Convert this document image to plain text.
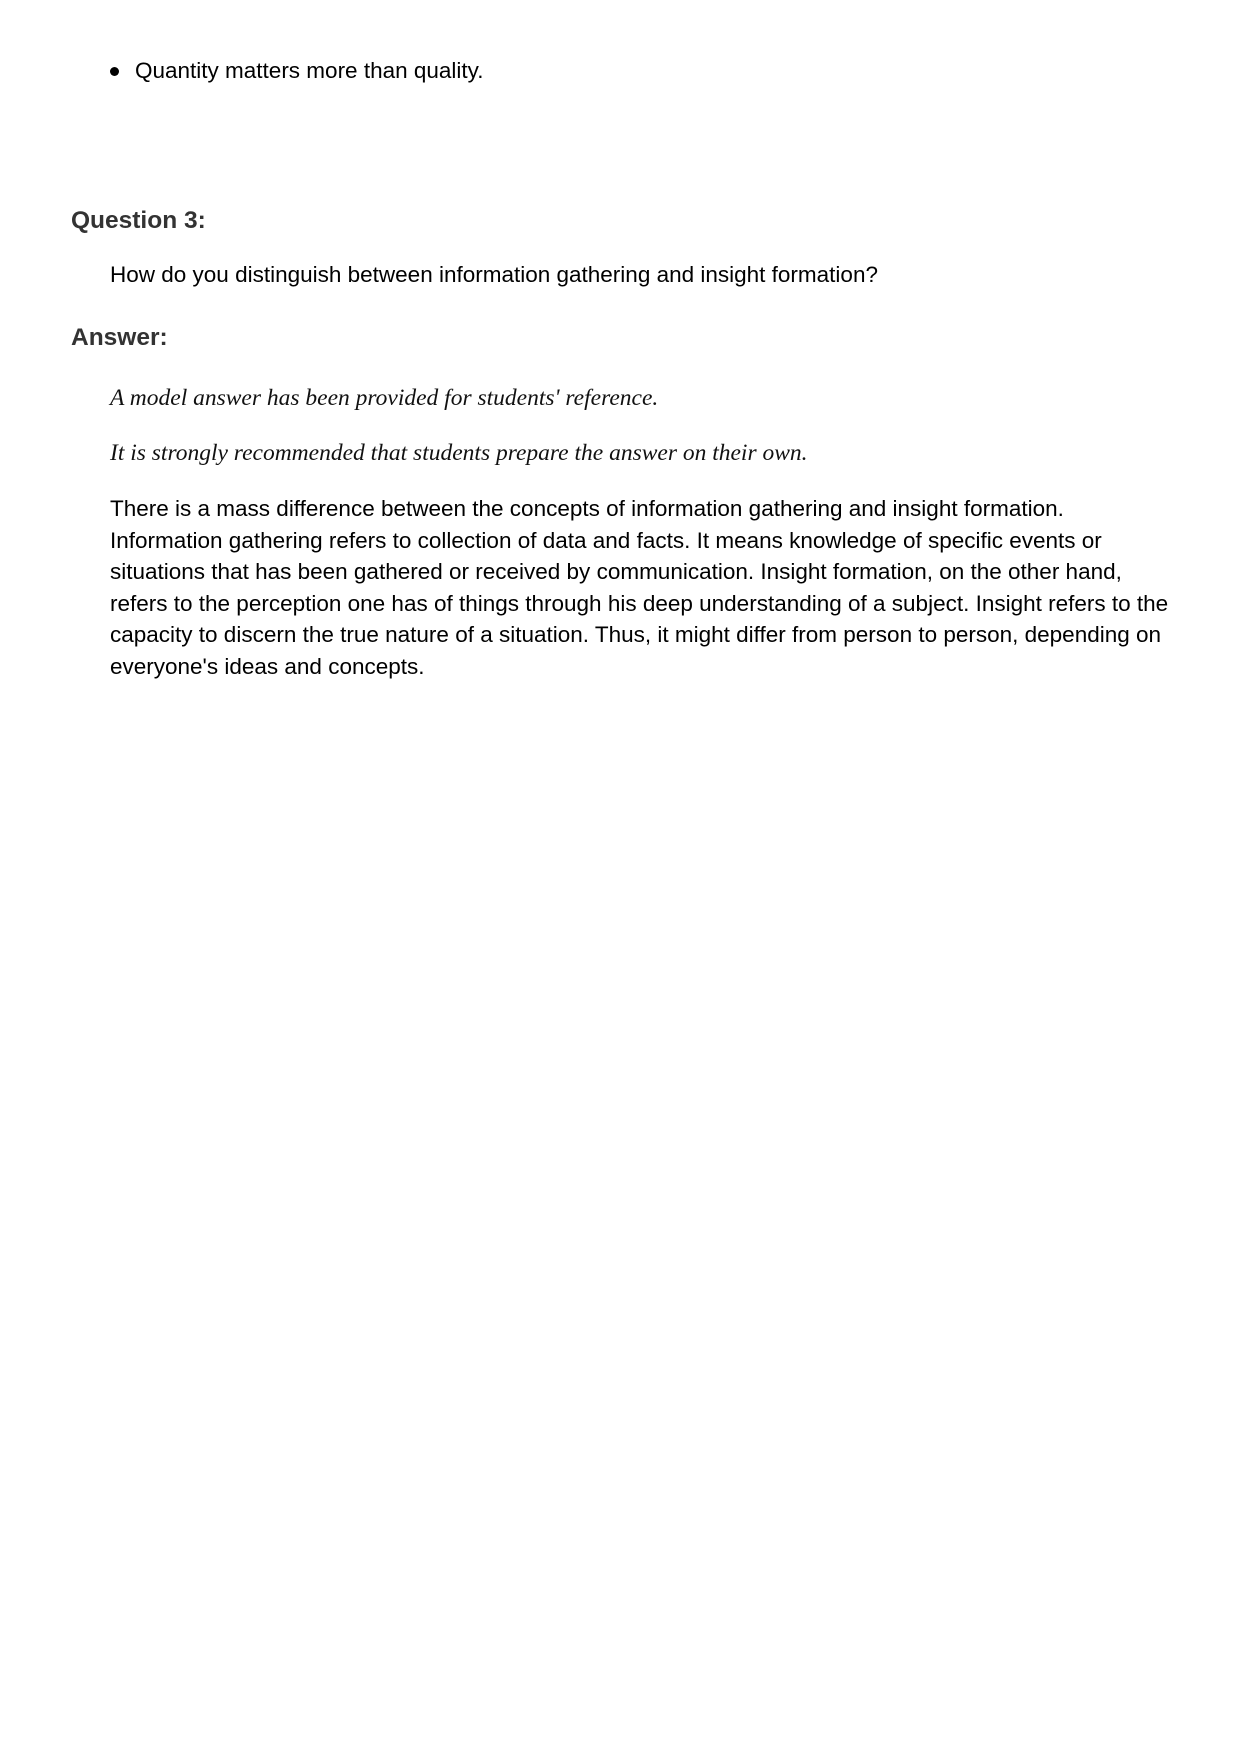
Quantity matters more than quality.
Question 3:
How do you distinguish between information gathering and insight formation?
Answer:
A model answer has been provided for students' reference.
It is strongly recommended that students prepare the answer on their own.
There is a mass difference between the concepts of information gathering and insight formation. Information gathering refers to collection of data and facts. It means knowledge of specific events or situations that has been gathered or received by communication. Insight formation, on the other hand, refers to the perception one has of things through his deep understanding of a subject. Insight refers to the capacity to discern the true nature of a situation. Thus, it might differ from person to person, depending on everyone's ideas and concepts.
